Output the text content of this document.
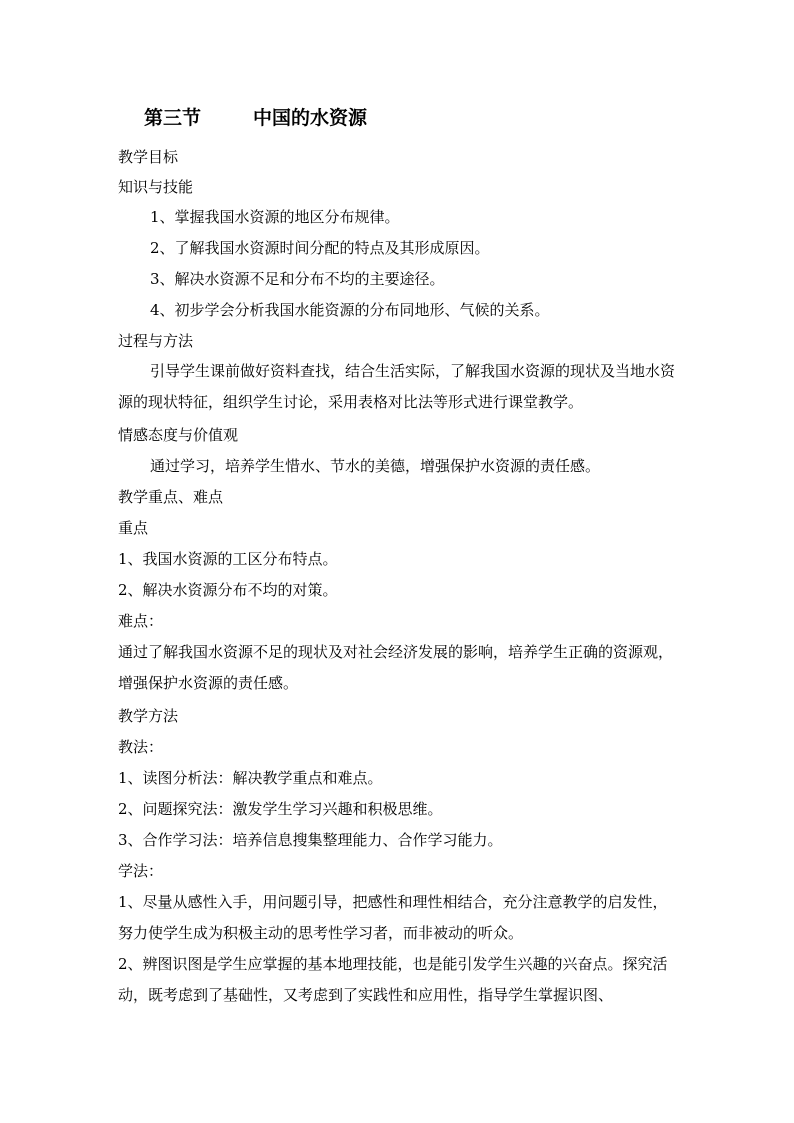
第三节	中国的水资源
教学目标
知识与技能
1、掌握我国水资源的地区分布规律。
2、了解我国水资源时间分配的特点及其形成原因。
3、解决水资源不足和分布不均的主要途径。
4、初步学会分析我国水能资源的分布同地形、气候的关系。
过程与方法
引导学生课前做好资料查找，结合生活实际，了解我国水资源的现状及当地水资源的现状特征，组织学生讨论，采用表格对比法等形式进行课堂教学。
情感态度与价值观
通过学习，培养学生惜水、节水的美德，增强保护水资源的责任感。
教学重点、难点
重点
1、我国水资源的工区分布特点。
2、解决水资源分布不均的对策。
难点：
通过了解我国水资源不足的现状及对社会经济发展的影响，培养学生正确的资源观，增强保护水资源的责任感。
教学方法
教法：
1、读图分析法：解决教学重点和难点。
2、问题探究法：激发学生学习兴趣和积极思维。
3、合作学习法：培养信息搜集整理能力、合作学习能力。
学法：
1、尽量从感性入手，用问题引导，把感性和理性相结合，充分注意教学的启发性，努力使学生成为积极主动的思考性学习者，而非被动的听众。
2、辨图识图是学生应掌握的基本地理技能，也是能引发学生兴趣的兴奋点。探究活动，既考虑到了基础性，又考虑到了实践性和应用性，指导学生掌握识图、
